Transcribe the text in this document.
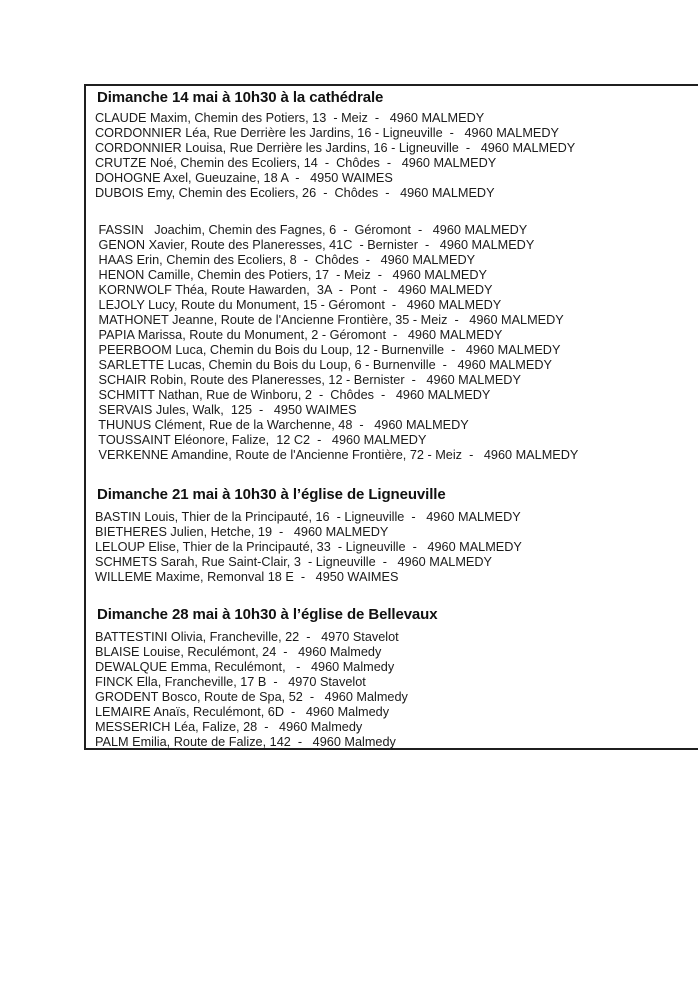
Dimanche 14 mai à 10h30 à la cathédrale
CLAUDE Maxim, Chemin des Potiers, 13  - Meiz  -   4960 MALMEDY
CORDONNIER Léa, Rue Derrière les Jardins, 16 - Ligneuville  -   4960 MALMEDY
CORDONNIER Louisa, Rue Derrière les Jardins, 16 - Ligneuville  -   4960 MALMEDY
CRUTZE Noé, Chemin des Ecoliers, 14  -  Chôdes  -   4960 MALMEDY
DOHOGNE Axel, Gueuzaine, 18 A  -   4950 WAIMES
DUBOIS Emy, Chemin des Ecoliers, 26  -  Chôdes  -   4960 MALMEDY
FASSIN   Joachim, Chemin des Fagnes, 6  -  Géromont  -   4960 MALMEDY
GENON Xavier, Route des Planeresses, 41C  - Bernister  -   4960 MALMEDY
HAAS Erin, Chemin des Ecoliers, 8  -  Chôdes  -   4960 MALMEDY
HENON Camille, Chemin des Potiers, 17  - Meiz  -   4960 MALMEDY
KORNWOLF Théa, Route Hawarden,  3A  -  Pont  -   4960 MALMEDY
LEJOLY Lucy, Route du Monument, 15 - Géromont  -   4960 MALMEDY
MATHONET Jeanne, Route de l'Ancienne Frontière, 35 - Meiz  -   4960 MALMEDY
PAPIA Marissa, Route du Monument, 2 - Géromont  -   4960 MALMEDY
PEERBOOM Luca, Chemin du Bois du Loup, 12 - Burnenville  -   4960 MALMEDY
SARLETTE Lucas, Chemin du Bois du Loup, 6 - Burnenville  -   4960 MALMEDY
SCHAIR Robin, Route des Planeresses, 12 - Bernister  -   4960 MALMEDY
SCHMITT Nathan, Rue de Winboru, 2  -  Chôdes  -   4960 MALMEDY
SERVAIS Jules, Walk,  125  -   4950 WAIMES
THUNUS Clément, Rue de la Warchenne, 48  -   4960 MALMEDY
TOUSSAINT Eléonore, Falize,  12 C2  -   4960 MALMEDY
VERKENNE Amandine, Route de l'Ancienne Frontière, 72 - Meiz  -   4960 MALMEDY
Dimanche 21 mai à 10h30 à l’église de Ligneuville
BASTIN Louis, Thier de la Principauté, 16  - Ligneuville  -   4960 MALMEDY
BIETHERES Julien, Hetche, 19  -   4960 MALMEDY
LELOUP Elise, Thier de la Principauté, 33  - Ligneuville  -   4960 MALMEDY
SCHMETS Sarah, Rue Saint-Clair, 3  - Ligneuville  -   4960 MALMEDY
WILLEME Maxime, Remonval 18 E  -   4950 WAIMES
Dimanche 28 mai à 10h30 à l’église de Bellevaux
BATTESTINI Olivia, Francheville, 22  -   4970 Stavelot
BLAISE Louise, Reculémont, 24  -   4960 Malmedy
DEWALQUE Emma, Reculémont,   -   4960 Malmedy
FINCK Ella, Francheville, 17 B  -   4970 Stavelot
GRODENT Bosco, Route de Spa, 52  -   4960 Malmedy
LEMAIRE Anaïs, Reculémont, 6D  -   4960 Malmedy
MESSERICH Léa, Falize, 28  -   4960 Malmedy
PALM Emilia, Route de Falize, 142  -   4960 Malmedy
